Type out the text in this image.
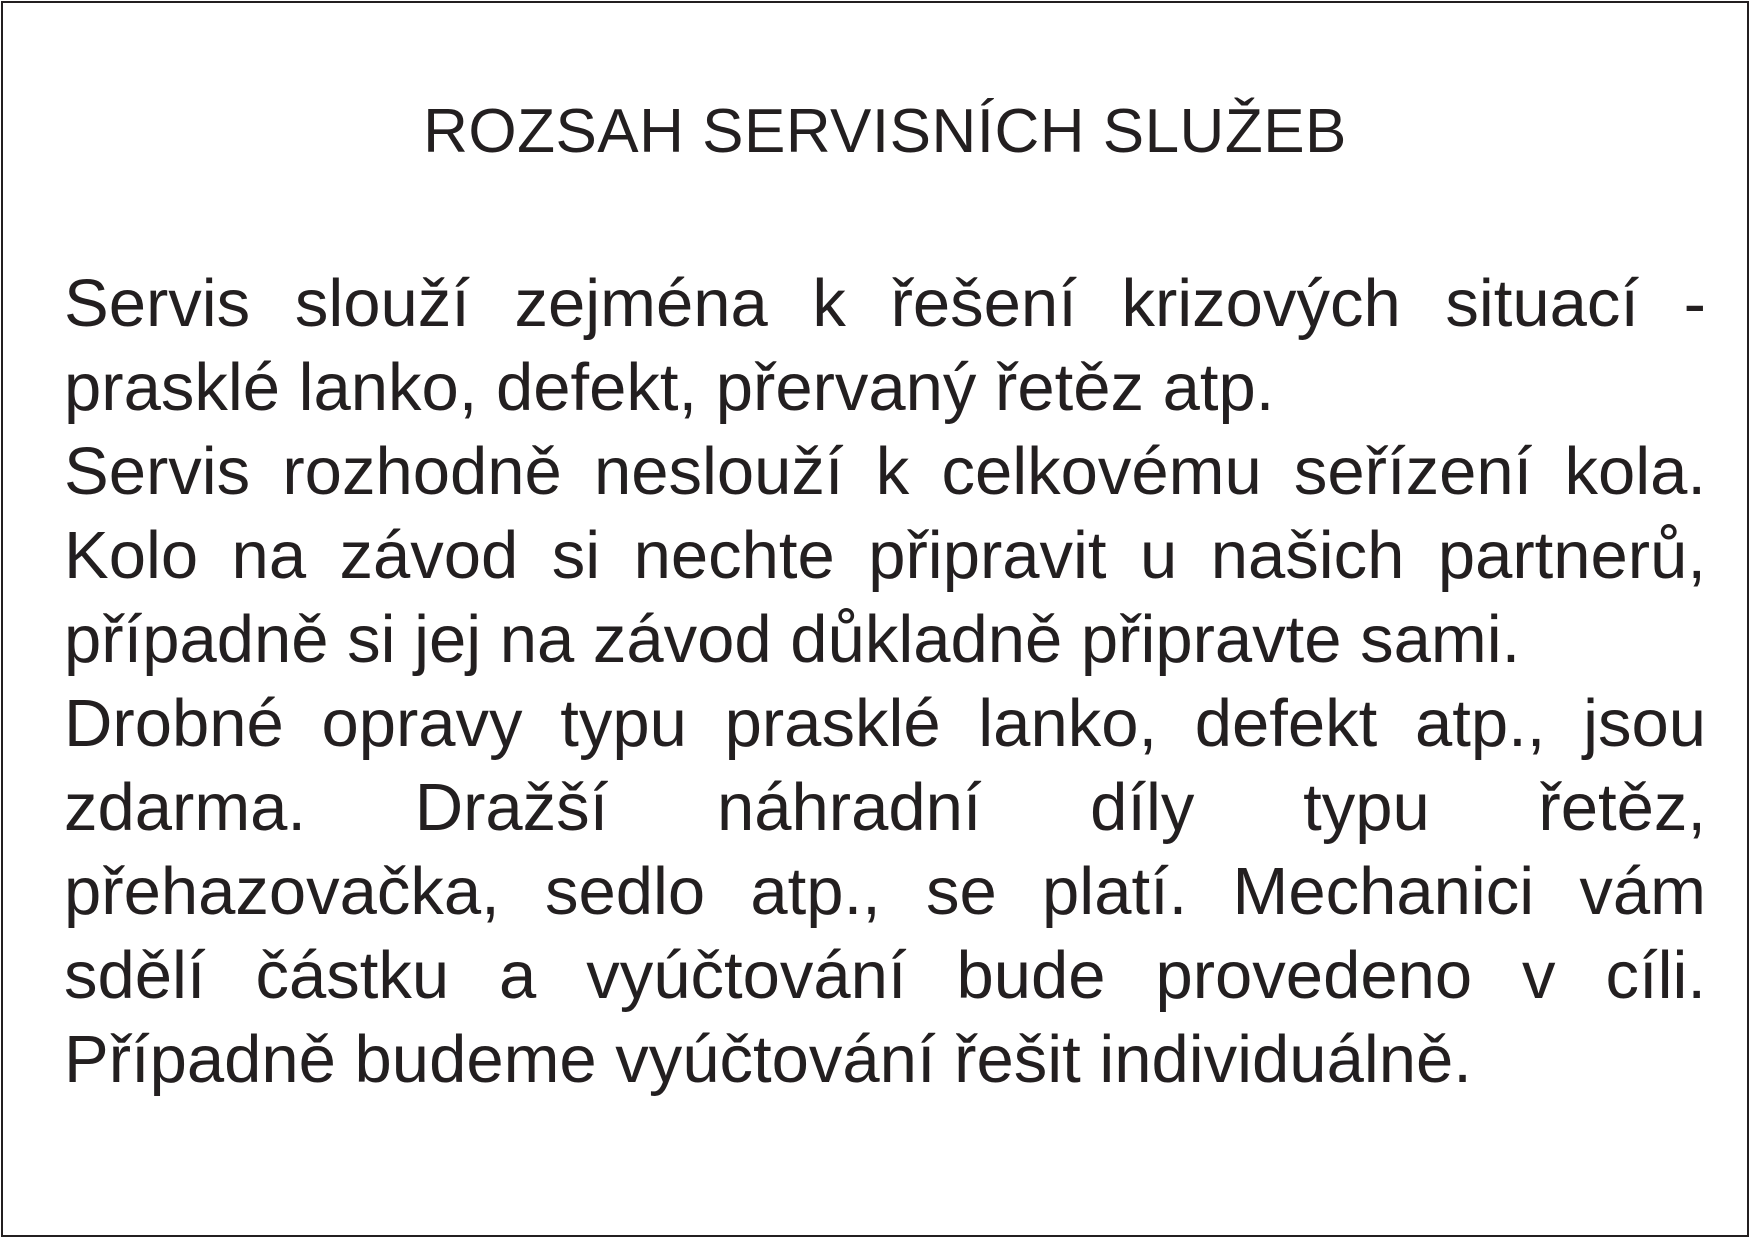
ROZSAH SERVISNÍCH SLUŽEB

Servis slouží zejména k řešení krizových situací - prasklé lanko, defekt, přervaný řetěz atp.

Servis rozhodně neslouží k celkovému seřízení kola. Kolo na závod si nechte připravit u našich partnerů, případně si jej na závod důkladně připravte sami.

Drobné opravy typu prasklé lanko, defekt atp., jsou zdarma. Dražší náhradní díly typu řetěz, přehazovačka, sedlo atp., se platí. Mechanici vám sdělí částku a vyúčtování bude provedeno v cíli. Případně budeme vyúčtování řešit individuálně.
